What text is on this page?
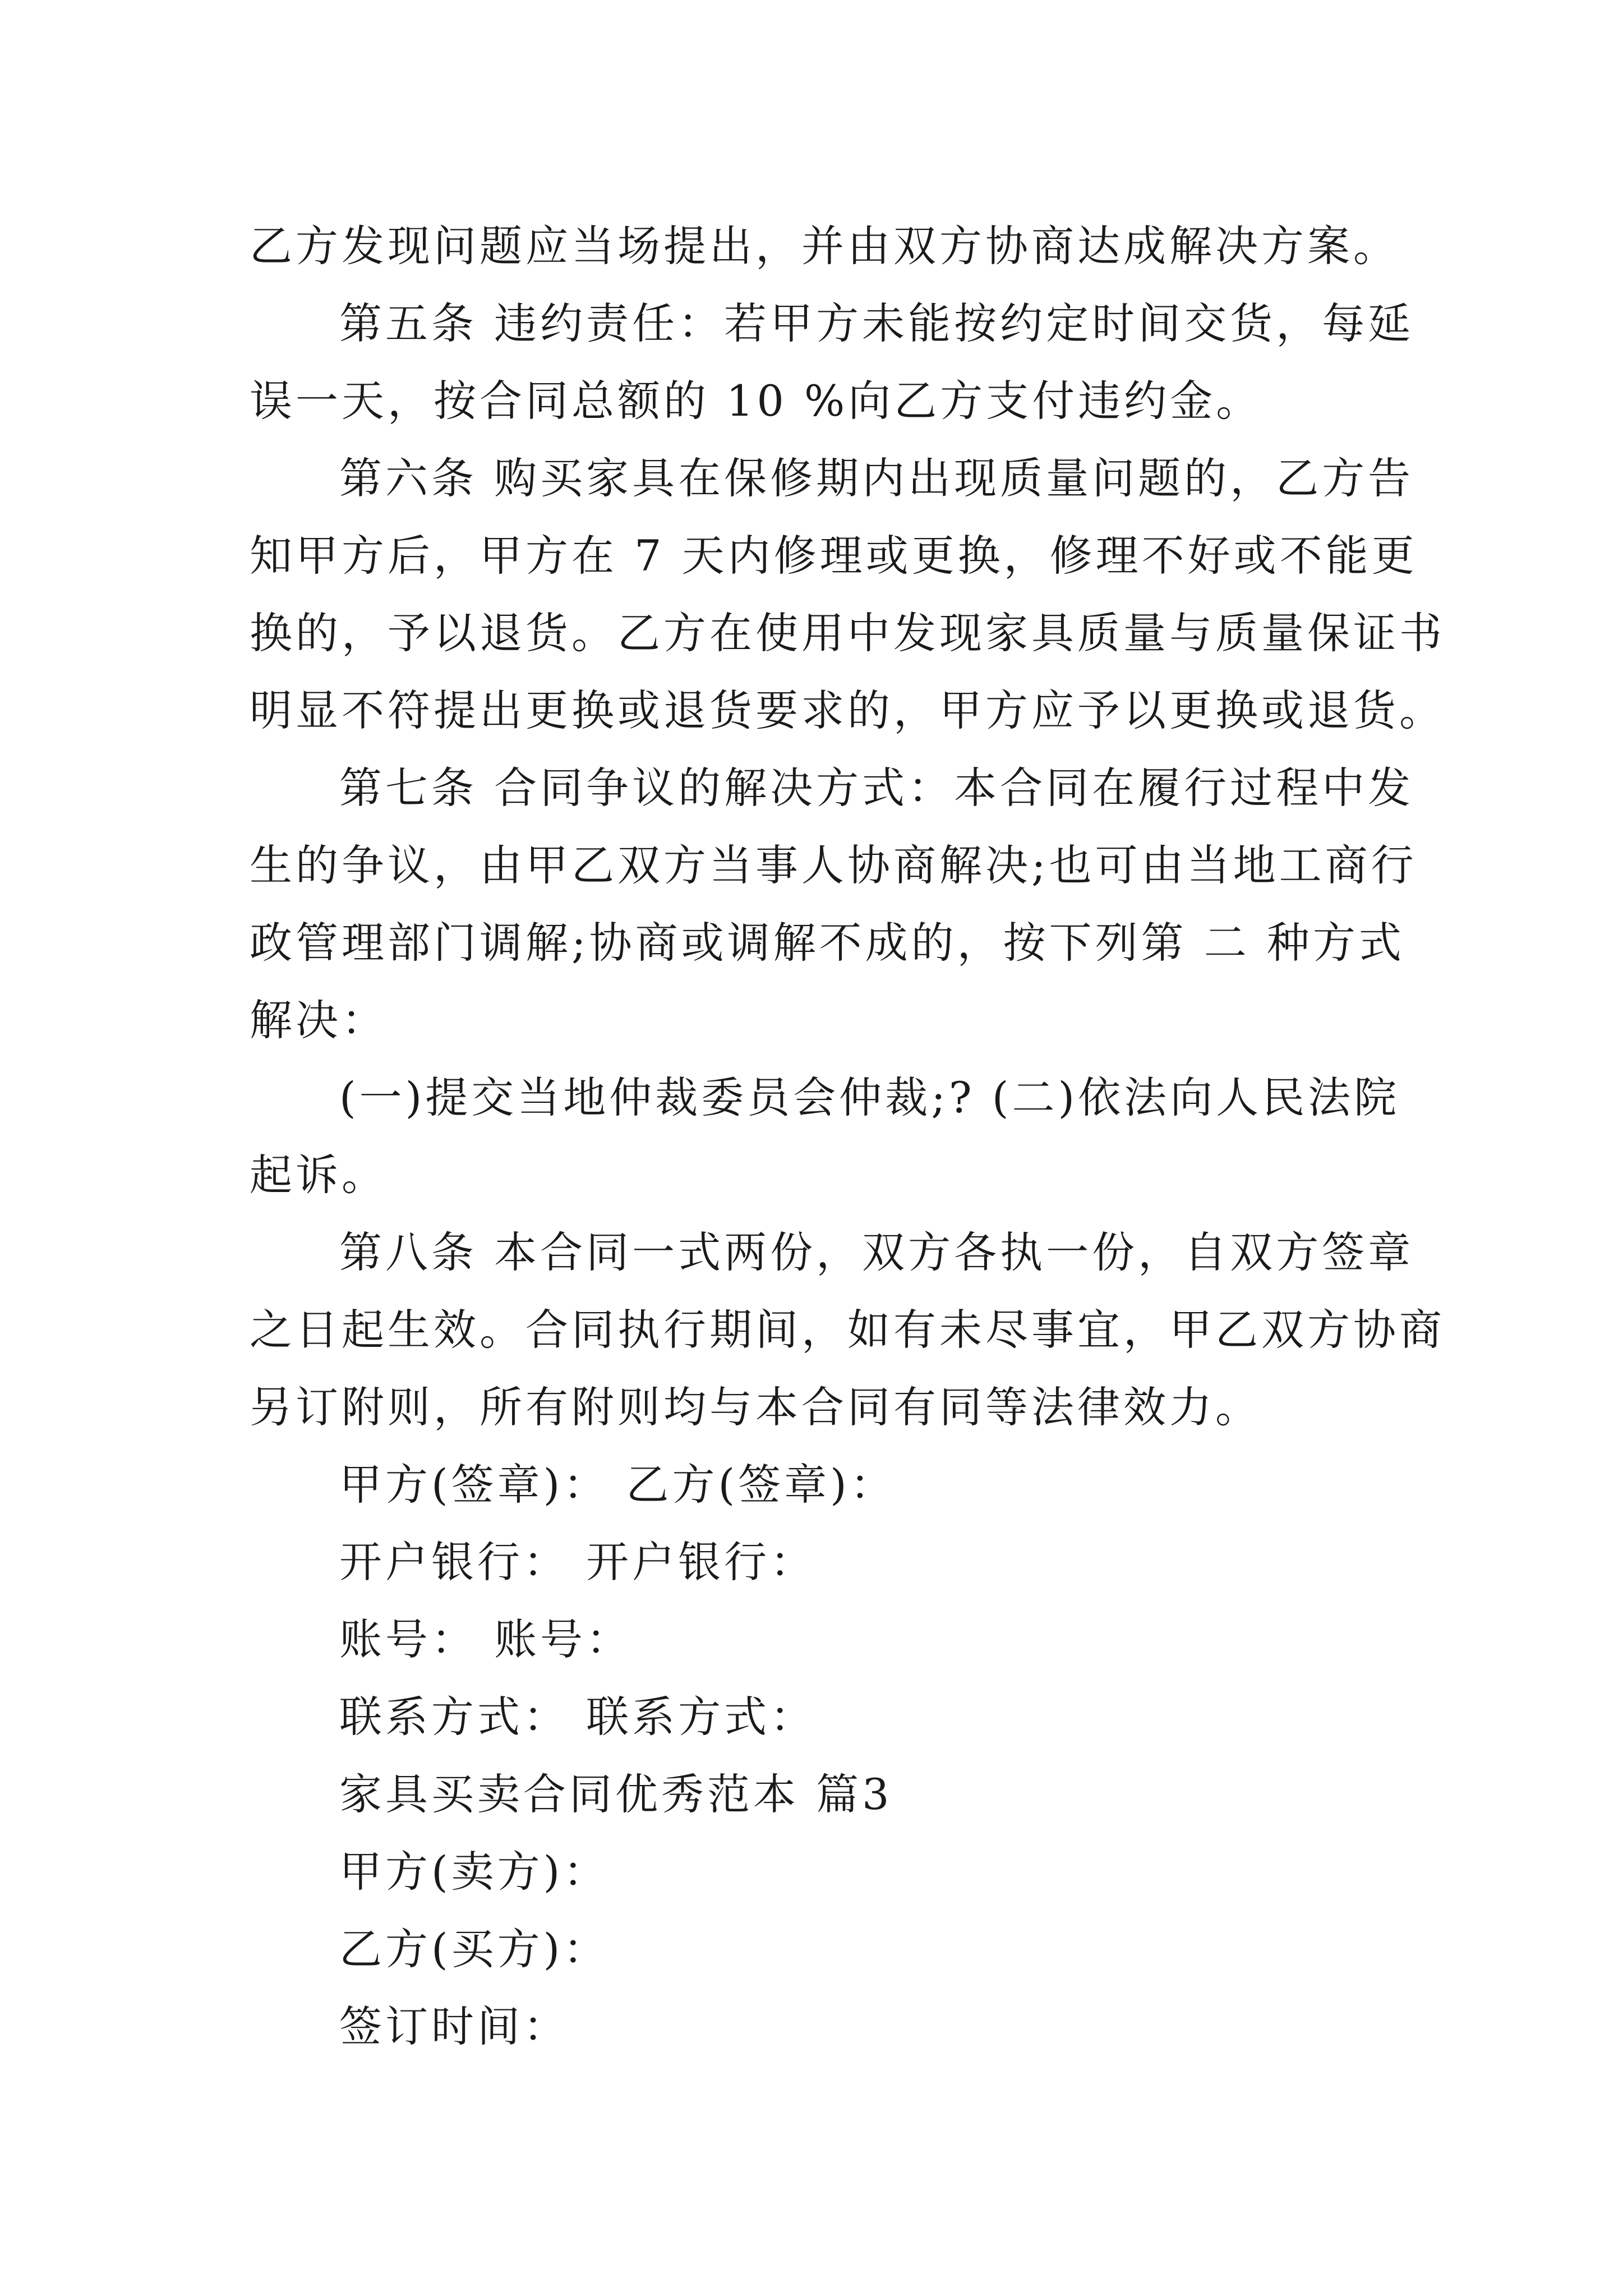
乙方发现问题应当场提出，并由双方协商达成解决方案。
第五条 违约责任：若甲方未能按约定时间交货，每延
误一天，按合同总额的 10 %向乙方支付违约金。
第六条 购买家具在保修期内出现质量问题的，乙方告
知甲方后，甲方在 7 天内修理或更换，修理不好或不能更
换的，予以退货。乙方在使用中发现家具质量与质量保证书
明显不符提出更换或退货要求的，甲方应予以更换或退货。
第七条 合同争议的解决方式：本合同在履行过程中发
生的争议，由甲乙双方当事人协商解决;也可由当地工商行
政管理部门调解;协商或调解不成的，按下列第 二 种方式
解决：
(一)提交当地仲裁委员会仲裁;? (二)依法向人民法院
起诉。
第八条 本合同一式两份，双方各执一份，自双方签章
之日起生效。合同执行期间，如有未尽事宜，甲乙双方协商
另订附则，所有附则均与本合同有同等法律效力。
甲方(签章)： 乙方(签章)：
开户银行： 开户银行：
账号： 账号：
联系方式： 联系方式：
家具买卖合同优秀范本 篇3
甲方(卖方)：
乙方(买方)：
签订时间：
